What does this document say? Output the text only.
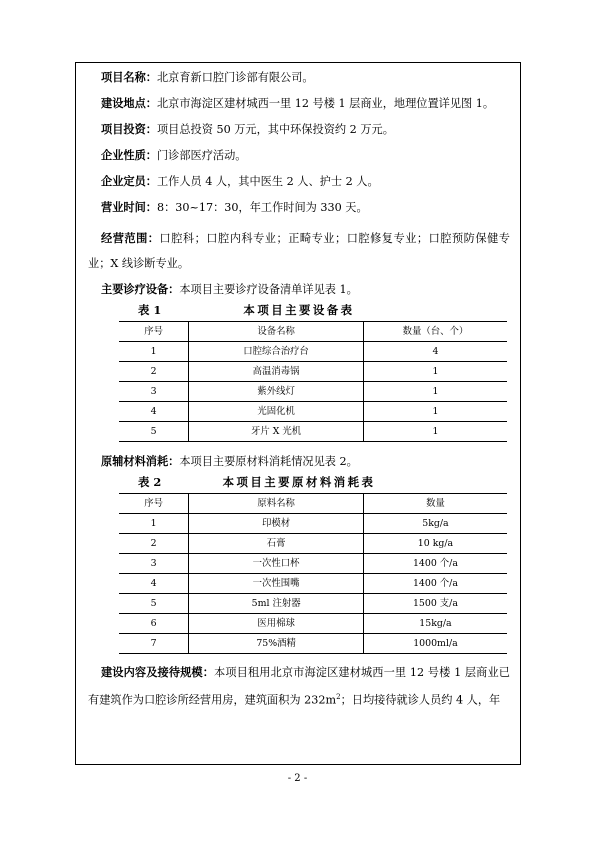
项目名称：北京育新口腔门诊部有限公司。

建设地点：北京市海淀区建材城西一里 12 号楼 1 层商业，地理位置详见图 1。

项目投资：项目总投资 50 万元，其中环保投资约 2 万元。

企业性质：门诊部医疗活动。

企业定员：工作人员 4 人，其中医生 2 人、护士 2 人。

营业时间：8：30~17：30，年工作时间为 330 天。

经营范围：口腔科；口腔内科专业；正畸专业；口腔修复专业；口腔预防保健专业；X 线诊断专业。

主要诊疗设备：本项目主要诊疗设备清单详见表 1。

表 1	本项目主要设备表
序号	设备名称	数量（台、个）
1	口腔综合治疗台	4
2	高温消毒锅	1
3	紫外线灯	1
4	光固化机	1
5	牙片 X 光机	1

原辅材料消耗：本项目主要原材料消耗情况见表 2。

表 2	本项目主要原材料消耗表
序号	原料名称	数量
1	印模材	5kg/a
2	石膏	10 kg/a
3	一次性口杯	1400 个/a
4	一次性围嘴	1400 个/a
5	5ml 注射器	1500 支/a
6	医用棉球	15kg/a
7	75%酒精	1000ml/a

建设内容及接待规模：本项目租用北京市海淀区建材城西一里 12 号楼 1 层商业已有建筑作为口腔诊所经营用房，建筑面积为 $232m^2$；日均接待就诊人员约 4 人，年

- 2 -
